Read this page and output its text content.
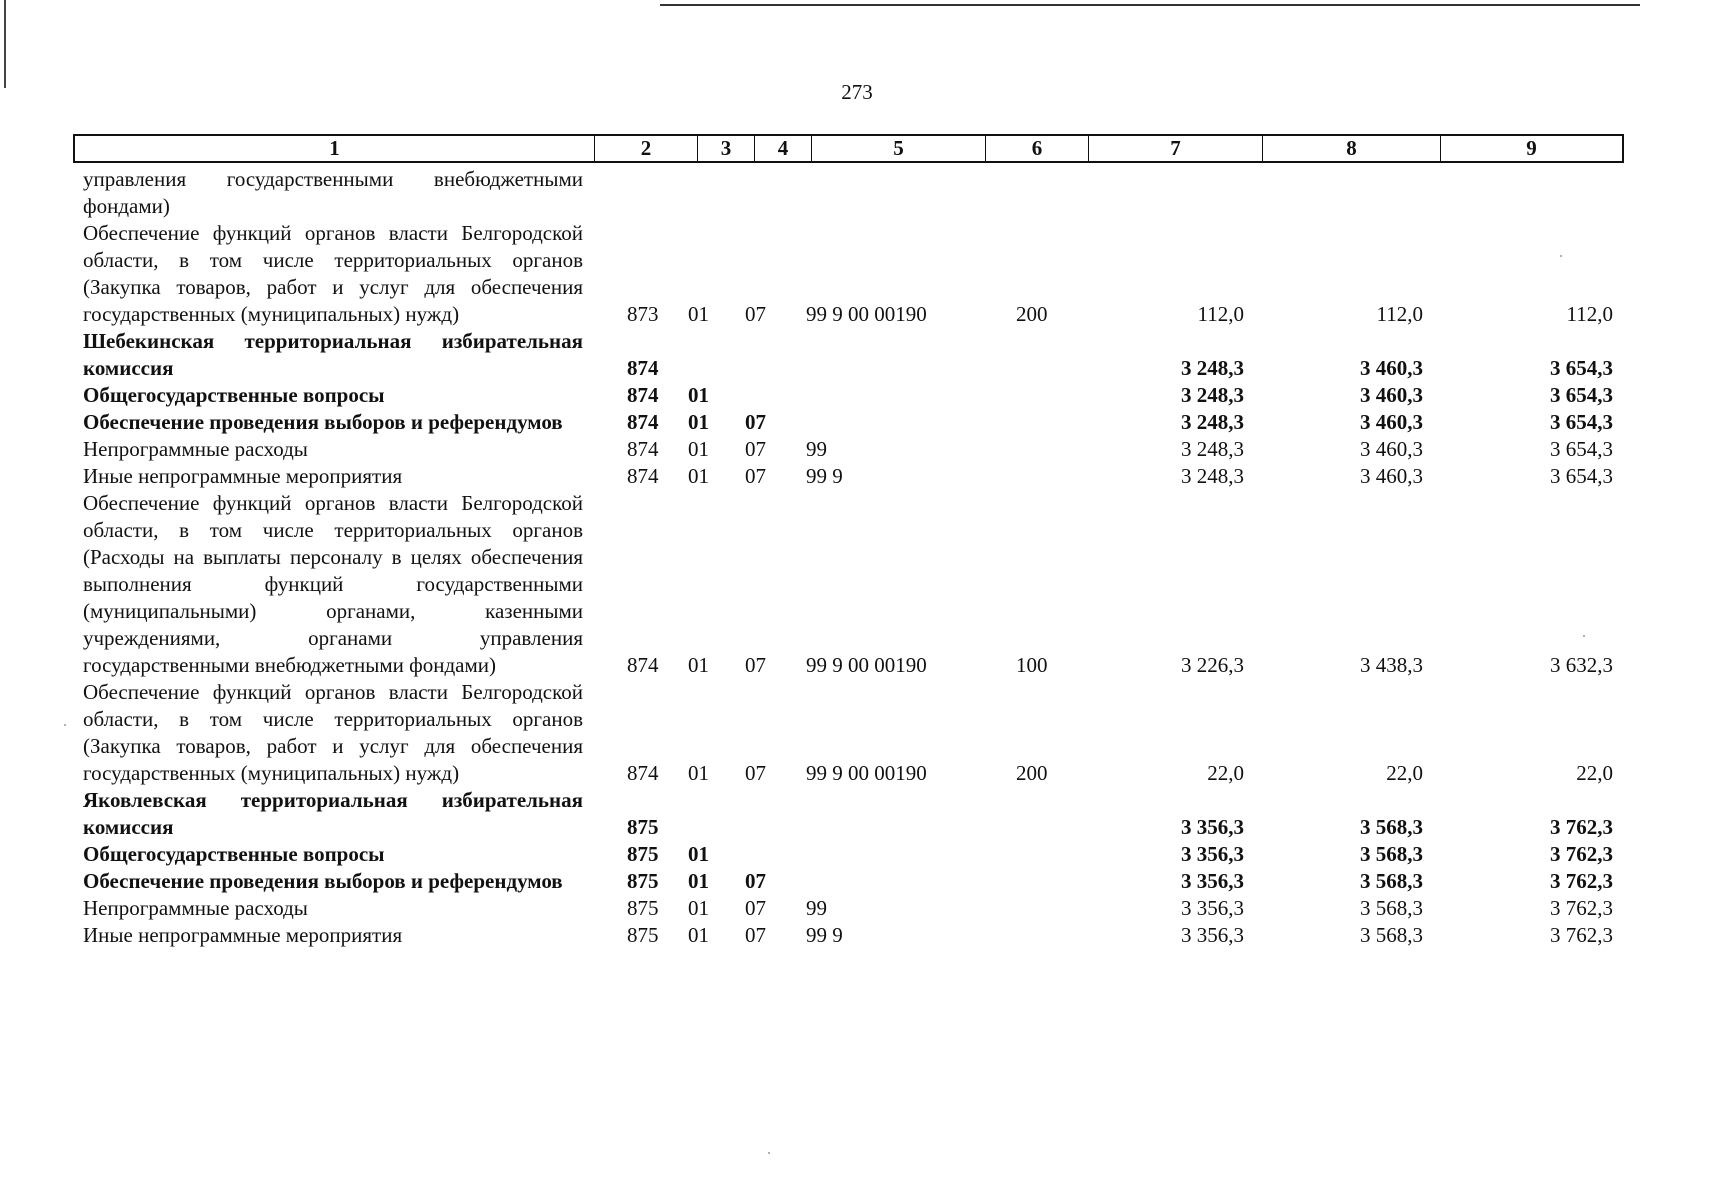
273
1	2	3	4	5	6	7	8	9
управления государственными внебюджетными фондами)								
Обеспечение функций органов власти Белгородской области, в том числе территориальных органов (Закупка товаров, работ и услуг для обеспечения государственных (муниципальных) нужд)	873	01	07	99 9 00 00190	200	112,0	112,0	112,0
Шебекинская территориальная избирательная комиссия	874					3 248,3	3 460,3	3 654,3
Общегосударственные вопросы	874	01				3 248,3	3 460,3	3 654,3
Обеспечение проведения выборов и референдумов	874	01	07			3 248,3	3 460,3	3 654,3
Непрограммные расходы	874	01	07	99		3 248,3	3 460,3	3 654,3
Иные непрограммные мероприятия	874	01	07	99 9		3 248,3	3 460,3	3 654,3
Обеспечение функций органов власти Белгородской области, в том числе территориальных органов (Расходы на выплаты персоналу в целях обеспечения выполнения функций государственными (муниципальными) органами, казенными учреждениями, органами управления государственными внебюджетными фондами)	874	01	07	99 9 00 00190	100	3 226,3	3 438,3	3 632,3
Обеспечение функций органов власти Белгородской области, в том числе территориальных органов (Закупка товаров, работ и услуг для обеспечения государственных (муниципальных) нужд)	874	01	07	99 9 00 00190	200	22,0	22,0	22,0
Яковлевская территориальная избирательная комиссия	875					3 356,3	3 568,3	3 762,3
Общегосударственные вопросы	875	01				3 356,3	3 568,3	3 762,3
Обеспечение проведения выборов и референдумов	875	01	07			3 356,3	3 568,3	3 762,3
Непрограммные расходы	875	01	07	99		3 356,3	3 568,3	3 762,3
Иные непрограммные мероприятия	875	01	07	99 9		3 356,3	3 568,3	3 762,3
